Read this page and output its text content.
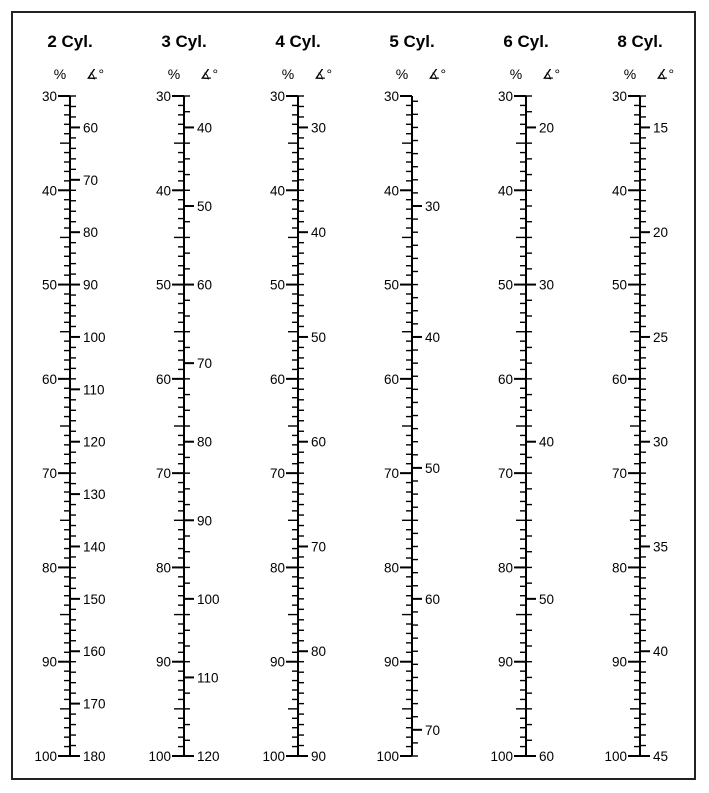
2 Cyl.
% ∡°
30
40
50
60
70
80
90
100
60
70
80
90
100
110
120
130
140
150
160
170
180
3 Cyl.
% ∡°
30
40
50
60
70
80
90
100
40
50
60
70
80
90
100
110
120
4 Cyl.
% ∡°
30
40
50
60
70
80
90
100
30
40
50
60
70
80
90
5 Cyl.
% ∡°
30
40
50
60
70
80
90
100
30
40
50
60
70
6 Cyl.
% ∡°
30
40
50
60
70
80
90
100
20
30
40
50
60
8 Cyl.
% ∡°
30
40
50
60
70
80
90
100
15
20
25
30
35
40
45
